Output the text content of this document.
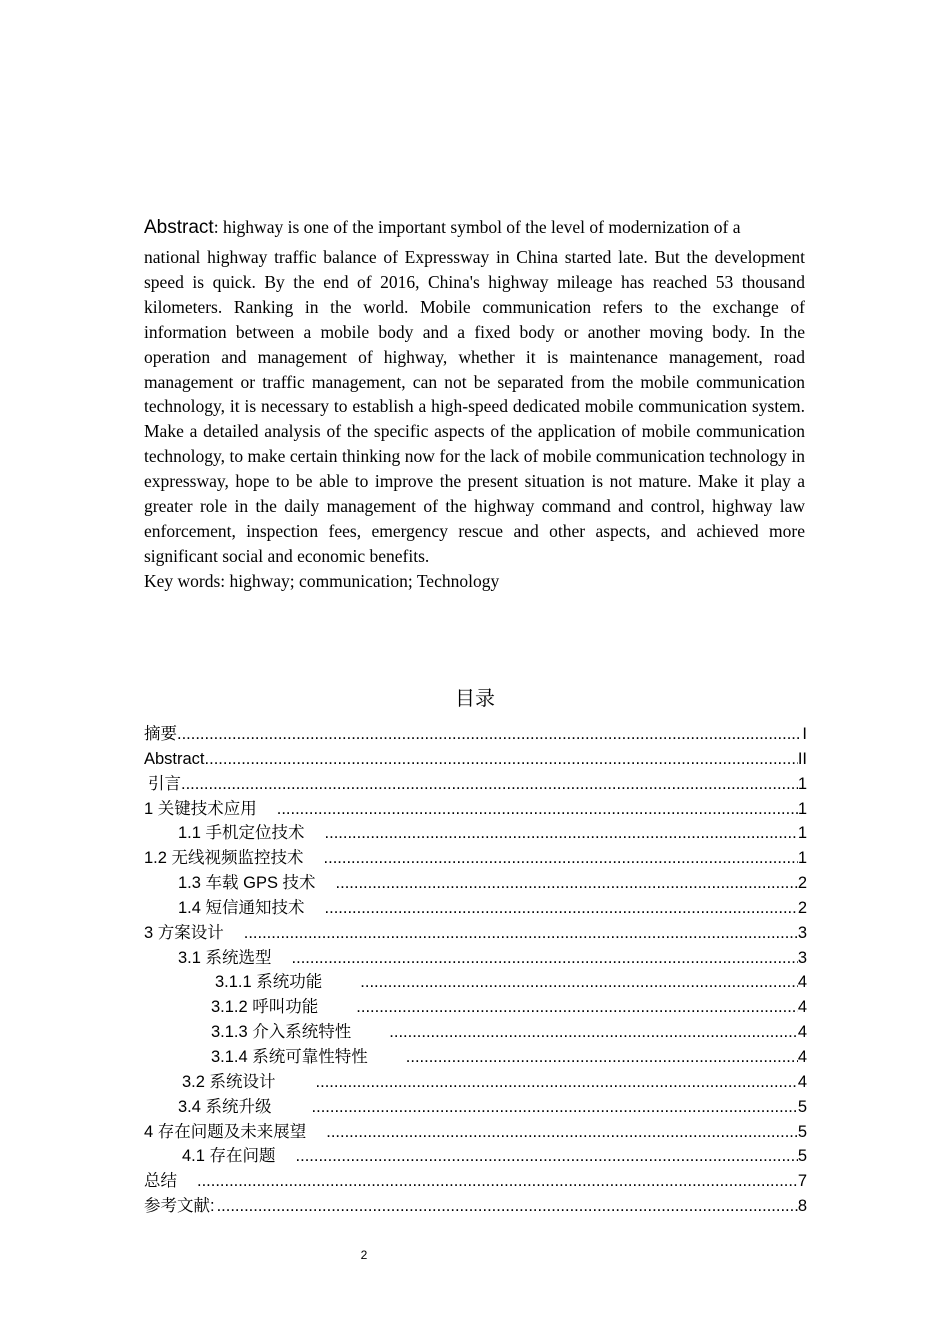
Abstract: highway is one of the important symbol of the level of modernization of a

national highway traffic balance of Expressway in China started late. But the development speed is quick. By the end of 2016, China's highway mileage has reached 53 thousand kilometers. Ranking in the world. Mobile communication refers to the exchange of information between a mobile body and a fixed body or another moving body. In the operation and management of highway, whether it is maintenance management, road management or traffic management, can not be separated from the mobile communication technology, it is necessary to establish a high-speed dedicated mobile communication system. Make a detailed analysis of the specific aspects of the application of mobile communication technology, to make certain thinking now for the lack of mobile communication technology in expressway, hope to be able to improve the present situation is not mature. Make it play a greater role in the daily management of the highway command and control, highway law enforcement, inspection fees, emergency rescue and other aspects, and achieved more significant social and economic benefits.

Key words: highway; communication; Technology

目录
摘要 .....	I
Abstract .....	II
引言 .....	1
1 关键技术应用 .....	1
1.1 手机定位技术 .....	1
1.2 无线视频监控技术 .....	1
1.3 车载 GPS 技术 .....	2
1.4 短信通知技术 .....	2
3 方案设计 .....	3
3.1 系统选型 .....	3
3.1.1 系统功能 .....	4
3.1.2 呼叫功能 .....	4
3.1.3 介入系统特性 .....	4
3.1.4 系统可靠性特性 .....	4
3.2 系统设计 .....	4
3.4 系统升级 .....	5
4 存在问题及未来展望 .....	5
4.1 存在问题 .....	5
总结 .....	7
参考文献: .....	8
2
